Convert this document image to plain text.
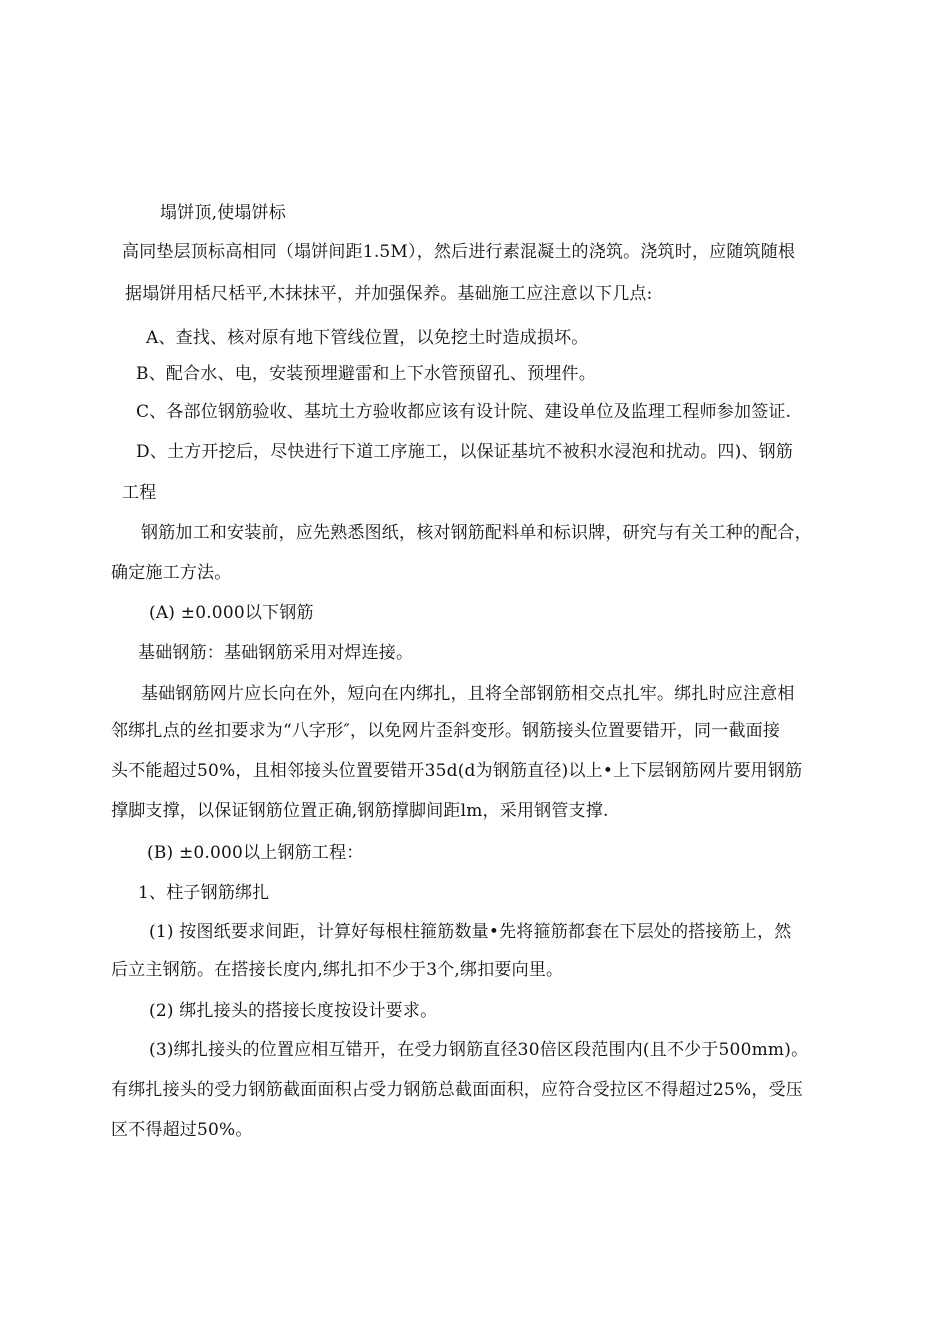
塌饼顶,使塌饼标
高同垫层顶标高相同（塌饼间距1.5M），然后进行素混凝土的浇筑。浇筑时，应随筑随根
据塌饼用栝尺栝平,木抹抹平，并加强保养。基础施工应注意以下几点:
A、查找、核对原有地下管线位置，以免挖土时造成损坏。
B、配合水、电，安装预埋避雷和上下水管预留孔、预埋件。
C、各部位钢筋验收、基坑土方验收都应该有设计院、建设单位及监理工程师参加签证.
D、土方开挖后，尽快进行下道工序施工，以保证基坑不被积水浸泡和扰动。四)、钢筋
工程
钢筋加工和安装前，应先熟悉图纸，核对钢筋配料单和标识牌，研究与有关工种的配合，
确定施工方法。
(A) ±0.000以下钢筋
基础钢筋：基础钢筋采用对焊连接。
基础钢筋网片应长向在外，短向在内绑扎，且将全部钢筋相交点扎牢。绑扎时应注意相
邻绑扎点的丝扣要求为“八字形″，以免网片歪斜变形。钢筋接头位置要错开，同一截面接
头不能超过50%，且相邻接头位置要错开35d(d为钢筋直径)以上•上下层钢筋网片要用钢筋
撑脚支撑，以保证钢筋位置正确,钢筋撑脚间距lm，采用钢管支撑.
(B) ±0.000以上钢筋工程：
1、柱子钢筋绑扎
(1) 按图纸要求间距，计算好每根柱箍筋数量•先将箍筋都套在下层处的搭接筋上，然
后立主钢筋。在搭接长度内,绑扎扣不少于3个,绑扣要向里。
(2) 绑扎接头的搭接长度按设计要求。
(3)绑扎接头的位置应相互错开，在受力钢筋直径30倍区段范围内(且不少于500mm)。
有绑扎接头的受力钢筋截面面积占受力钢筋总截面面积，应符合受拉区不得超过25%，受压
区不得超过50%。
